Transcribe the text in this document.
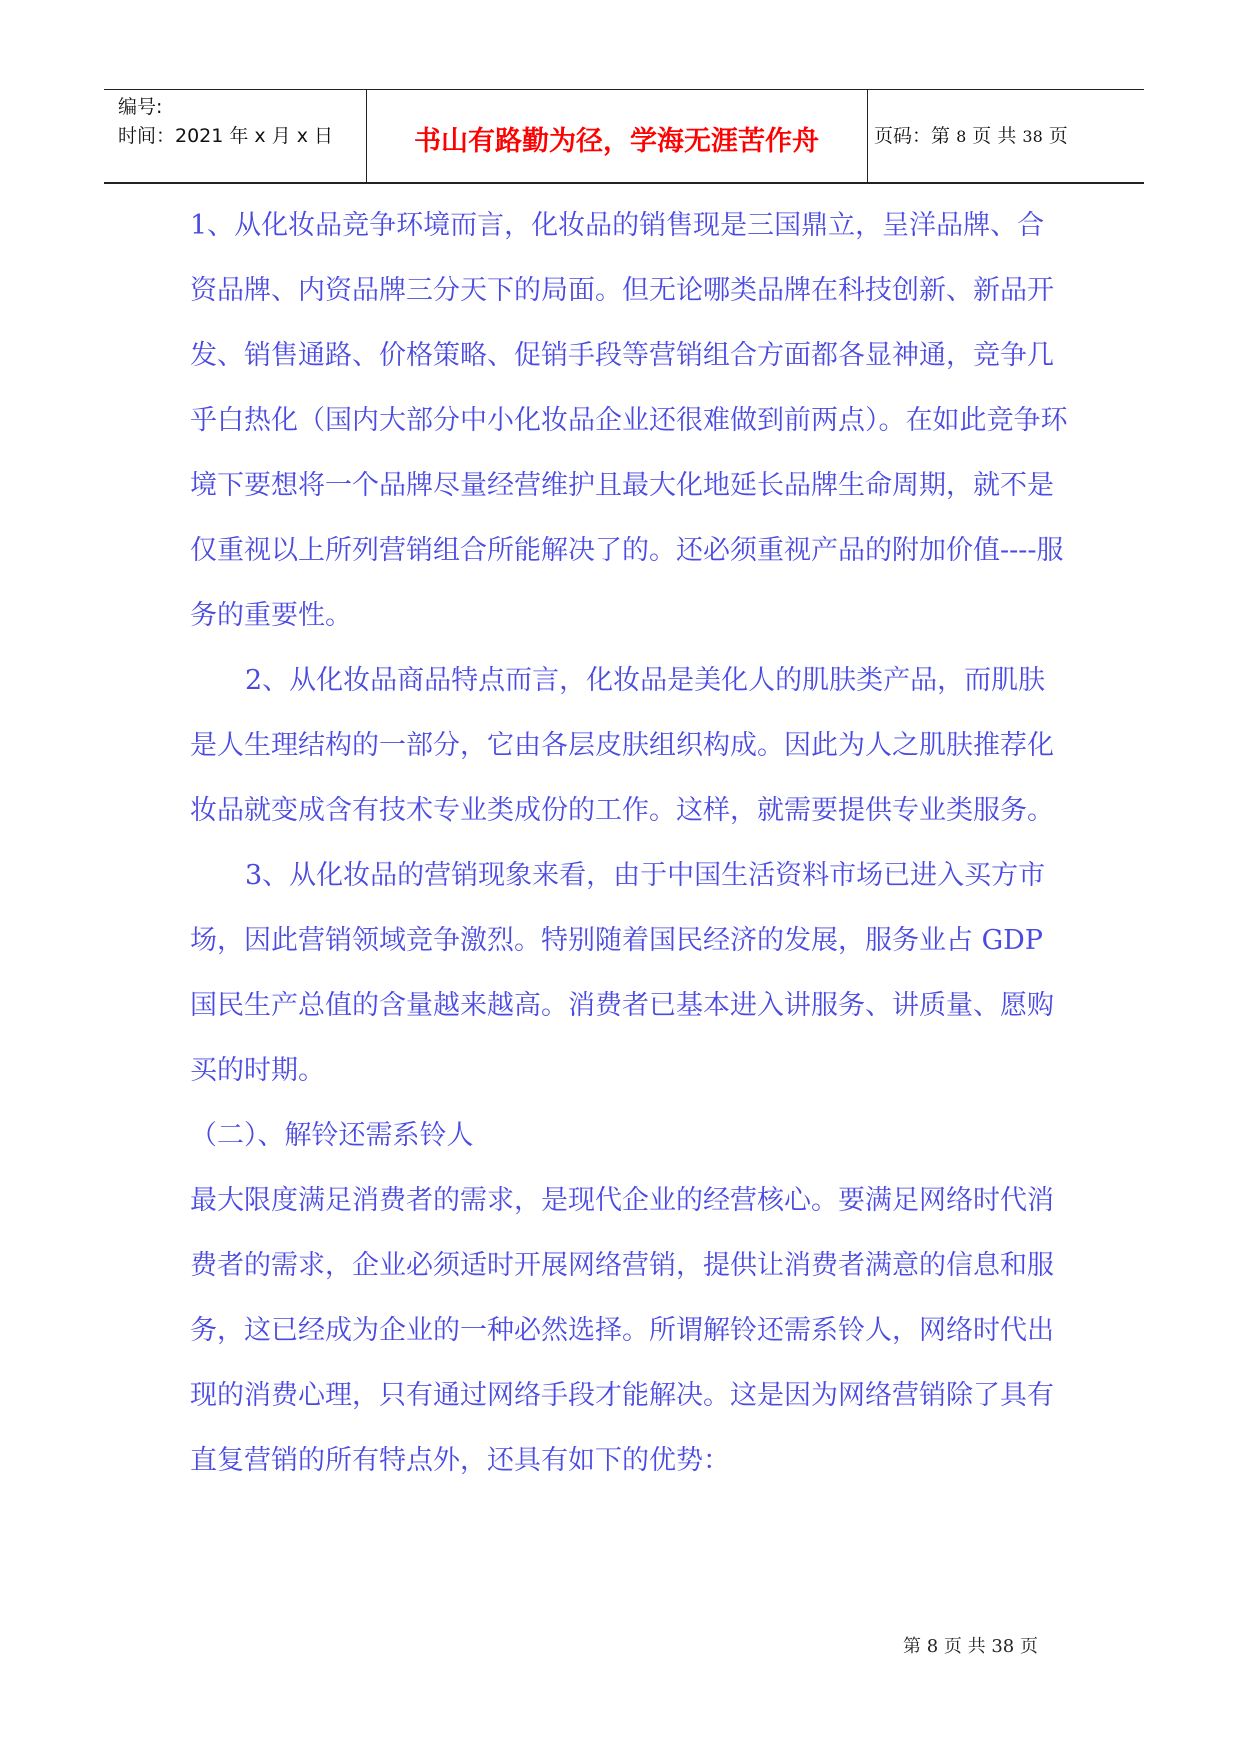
编号:
时间：2021 年 x 月 x 日	书山有路勤为径，学海无涯苦作舟	页码：第 8 页 共 38 页

1、从化妆品竞争环境而言，化妆品的销售现是三国鼎立，呈洋品牌、合资品牌、内资品牌三分天下的局面。但无论哪类品牌在科技创新、新品开发、销售通路、价格策略、促销手段等营销组合方面都各显神通，竞争几乎白热化（国内大部分中小化妆品企业还很难做到前两点）。在如此竞争环境下要想将一个品牌尽量经营维护且最大化地延长品牌生命周期，就不是仅重视以上所列营销组合所能解决了的。还必须重视产品的附加价值----服务的重要性。

2、从化妆品商品特点而言，化妆品是美化人的肌肤类产品，而肌肤是人生理结构的一部分，它由各层皮肤组织构成。因此为人之肌肤推荐化妆品就变成含有技术专业类成份的工作。这样，就需要提供专业类服务。

3、从化妆品的营销现象来看，由于中国生活资料市场已进入买方市场，因此营销领域竞争激烈。特别随着国民经济的发展，服务业占 GDP 国民生产总值的含量越来越高。消费者已基本进入讲服务、讲质量、愿购买的时期。

（二）、解铃还需系铃人

最大限度满足消费者的需求，是现代企业的经营核心。要满足网络时代消费者的需求，企业必须适时开展网络营销，提供让消费者满意的信息和服务，这已经成为企业的一种必然选择。所谓解铃还需系铃人，网络时代出现的消费心理，只有通过网络手段才能解决。这是因为网络营销除了具有直复营销的所有特点外，还具有如下的优势：

第 8 页 共 38 页
